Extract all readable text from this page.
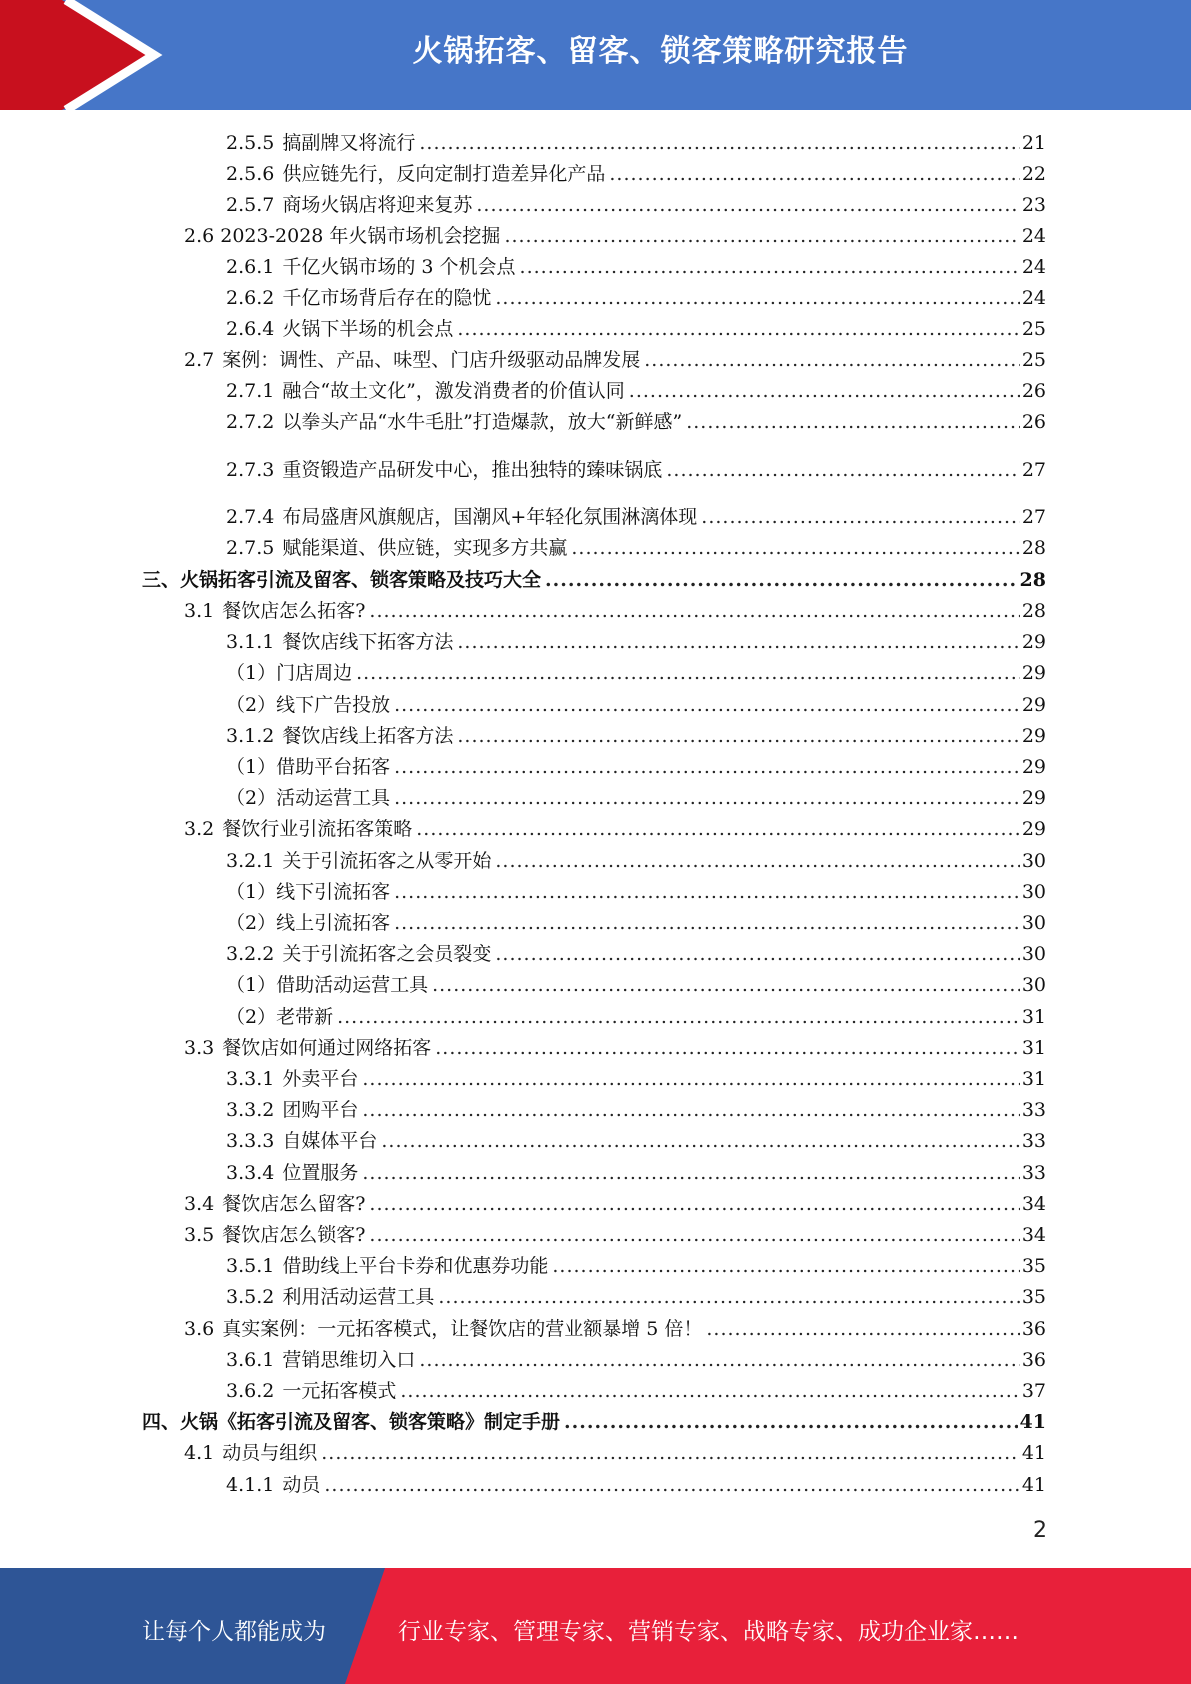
火锅拓客、留客、锁客策略研究报告
2.5.5 搞副牌又将流行 .....	21
2.5.6 供应链先行，反向定制打造差异化产品 .....	22
2.5.7 商场火锅店将迎来复苏 .....	23
2.6 2023-2028 年火锅市场机会挖掘 .....	24
2.6.1 千亿火锅市场的 3 个机会点 .....	24
2.6.2 千亿市场背后存在的隐忧 .....	24
2.6.4 火锅下半场的机会点 .....	25
2.7 案例：调性、产品、味型、门店升级驱动品牌发展 .....	25
2.7.1 融合“故土文化”，激发消费者的价值认同 .....	26
2.7.2 以拳头产品“水牛毛肚”打造爆款，放大“新鲜感” .....	26
2.7.3 重资锻造产品研发中心，推出独特的臻味锅底 .....	27
2.7.4 布局盛唐风旗舰店，国潮风+年轻化氛围淋漓体现 .....	27
2.7.5 赋能渠道、供应链，实现多方共赢 .....	28
三、火锅拓客引流及留客、锁客策略及技巧大全 .....	28
3.1 餐饮店怎么拓客? .....	28
3.1.1 餐饮店线下拓客方法 .....	29
（1）门店周边 .....	29
（2）线下广告投放 .....	29
3.1.2 餐饮店线上拓客方法 .....	29
（1）借助平台拓客 .....	29
（2）活动运营工具 .....	29
3.2 餐饮行业引流拓客策略 .....	29
3.2.1 关于引流拓客之从零开始 .....	30
（1）线下引流拓客 .....	30
（2）线上引流拓客 .....	30
3.2.2 关于引流拓客之会员裂变 .....	30
（1）借助活动运营工具 .....	30
（2）老带新 .....	31
3.3 餐饮店如何通过网络拓客 .....	31
3.3.1 外卖平台 .....	31
3.3.2 团购平台 .....	33
3.3.3 自媒体平台 .....	33
3.3.4 位置服务 .....	33
3.4 餐饮店怎么留客? .....	34
3.5 餐饮店怎么锁客? .....	34
3.5.1 借助线上平台卡券和优惠券功能 .....	35
3.5.2 利用活动运营工具 .....	35
3.6 真实案例：一元拓客模式，让餐饮店的营业额暴增 5 倍！ .....	36
3.6.1 营销思维切入口 .....	36
3.6.2 一元拓客模式 .....	37
四、火锅《拓客引流及留客、锁客策略》制定手册 .....	41
4.1 动员与组织 .....	41
4.1.1 动员 .....	41
2
让每个人都能成为	行业专家、管理专家、营销专家、战略专家、成功企业家……
